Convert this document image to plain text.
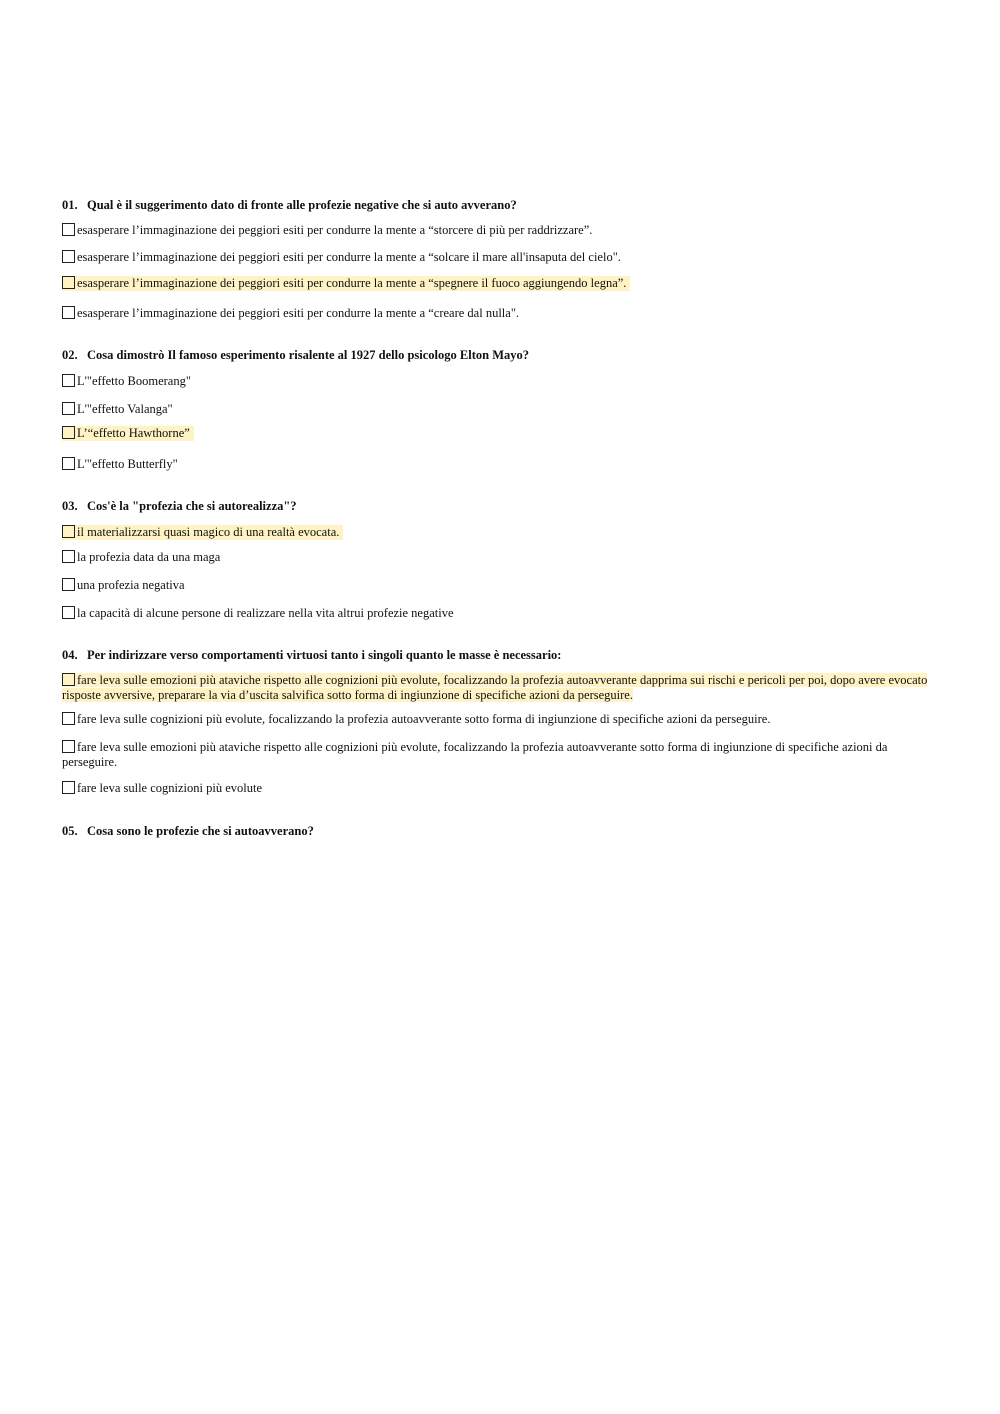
01. Qual è il suggerimento dato di fronte alle profezie negative che si auto avverano?
esasperare l’immaginazione dei peggiori esiti per condurre la mente a “storcere di più per raddrizzare”.
esasperare l’immaginazione dei peggiori esiti per condurre la mente a “solcare il mare all'insaputa del cielo".
esasperare l’immaginazione dei peggiori esiti per condurre la mente a “spegnere il fuoco aggiungendo legna”.
esasperare l’immaginazione dei peggiori esiti per condurre la mente a “creare dal nulla".
02. Cosa dimostrò Il famoso esperimento risalente al 1927 dello psicologo Elton Mayo?
L'"effetto Boomerang"
L'"effetto Valanga"
L’“effetto Hawthorne”
L'"effetto Butterfly"
03. Cos'è la "profezia che si autorealizza"?
il materializzarsi quasi magico di una realtà evocata.
la profezia data da una maga
una profezia negativa
la capacità di alcune persone di realizzare nella vita altrui profezie negative
04. Per indirizzare verso comportamenti virtuosi tanto i singoli quanto le masse è necessario:
fare leva sulle emozioni più ataviche rispetto alle cognizioni più evolute, focalizzando la profezia autoavverante dapprima sui rischi e pericoli per poi, dopo avere evocato risposte avversive, preparare la via d’uscita salvifica sotto forma di ingiunzione di specifiche azioni da perseguire.
fare leva sulle cognizioni più evolute, focalizzando la profezia autoavverante sotto forma di ingiunzione di specifiche azioni da perseguire.
fare leva sulle emozioni più ataviche rispetto alle cognizioni più evolute, focalizzando la profezia autoavverante sotto forma di ingiunzione di specifiche azioni da perseguire.
fare leva sulle cognizioni più evolute
05. Cosa sono le profezie che si autoavverano?
